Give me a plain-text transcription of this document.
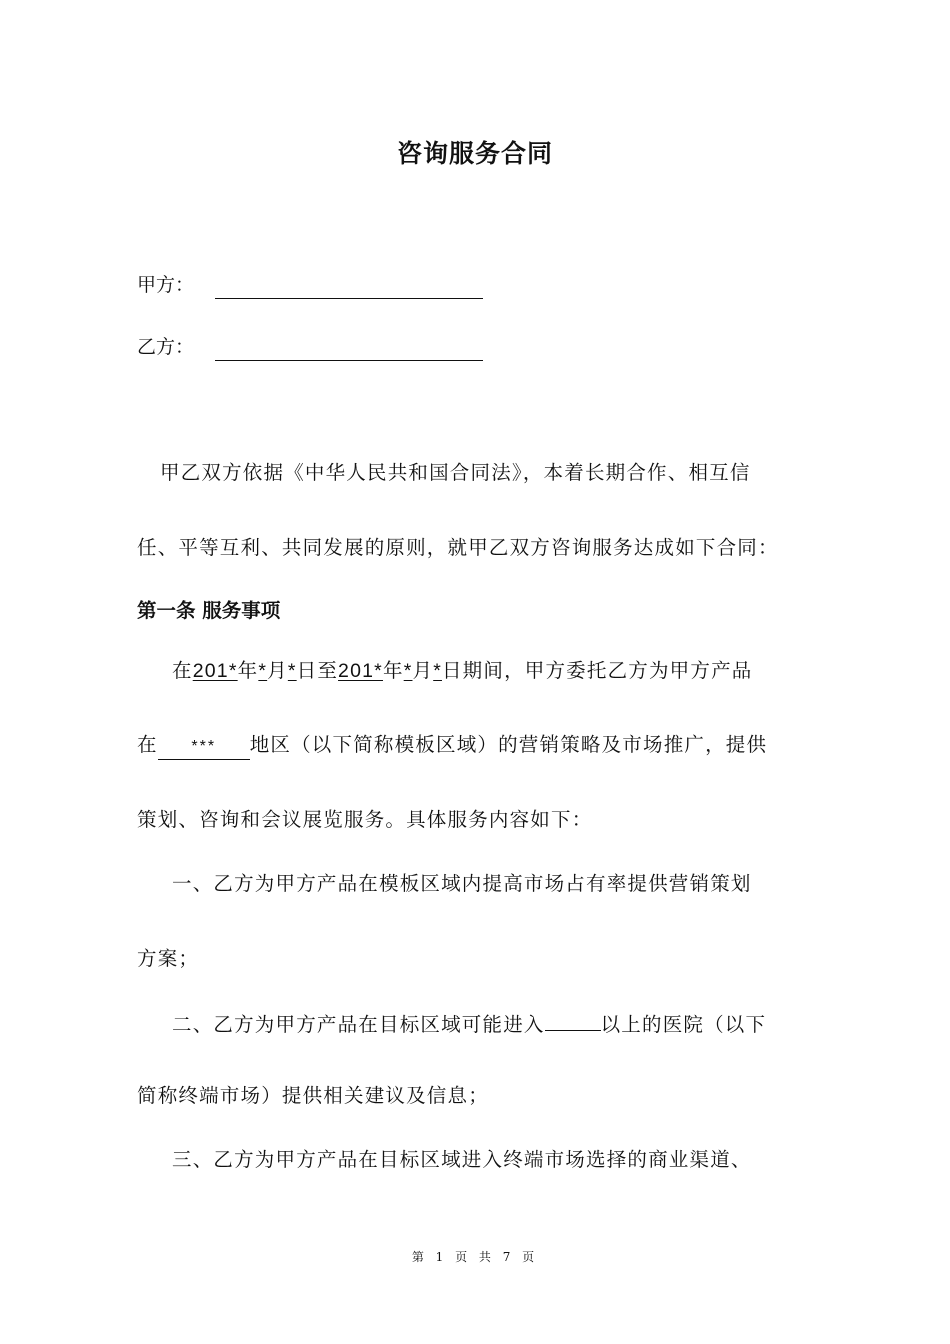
咨询服务合同
甲方：
乙方：
甲乙双方依据《中华人民共和国合同法》，本着长期合作、相互信
任、平等互利、共同发展的原则，就甲乙双方咨询服务达成如下合同：
第一条 服务事项
在201*年*月*日至201*年*月*日期间，甲方委托乙方为甲方产品
在 *** 地区（以下简称模板区域）的营销策略及市场推广，提供
策划、咨询和会议展览服务。具体服务内容如下：
一、乙方为甲方产品在模板区域内提高市场占有率提供营销策划
方案；
二、乙方为甲方产品在目标区域可能进入	以上的医院（以下
简称终端市场）提供相关建议及信息；
三、乙方为甲方产品在目标区域进入终端市场选择的商业渠道、
第 1 页 共 7 页
